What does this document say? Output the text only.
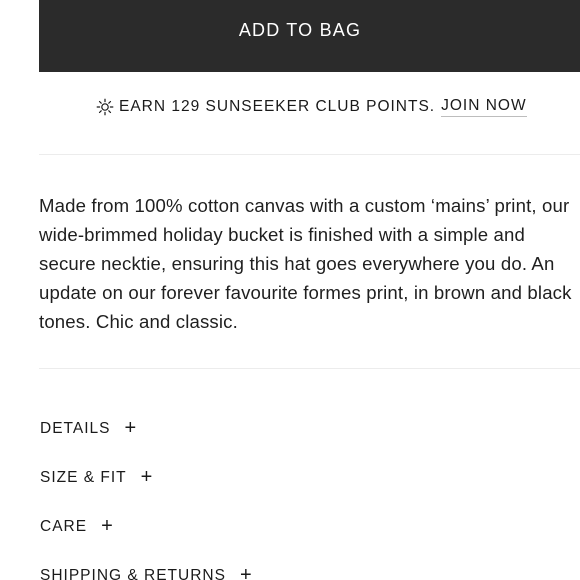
ADD TO BAG
EARN 129 SUNSEEKER CLUB POINTS. JOIN NOW

Made from 100% cotton canvas with a custom ‘mains’ print, our wide-brimmed holiday bucket is finished with a simple and secure necktie, ensuring this hat goes everywhere you do. An update on our forever favourite formes print, in brown and black tones. Chic and classic.

DETAILS +
SIZE & FIT +
CARE +
SHIPPING & RETURNS +
